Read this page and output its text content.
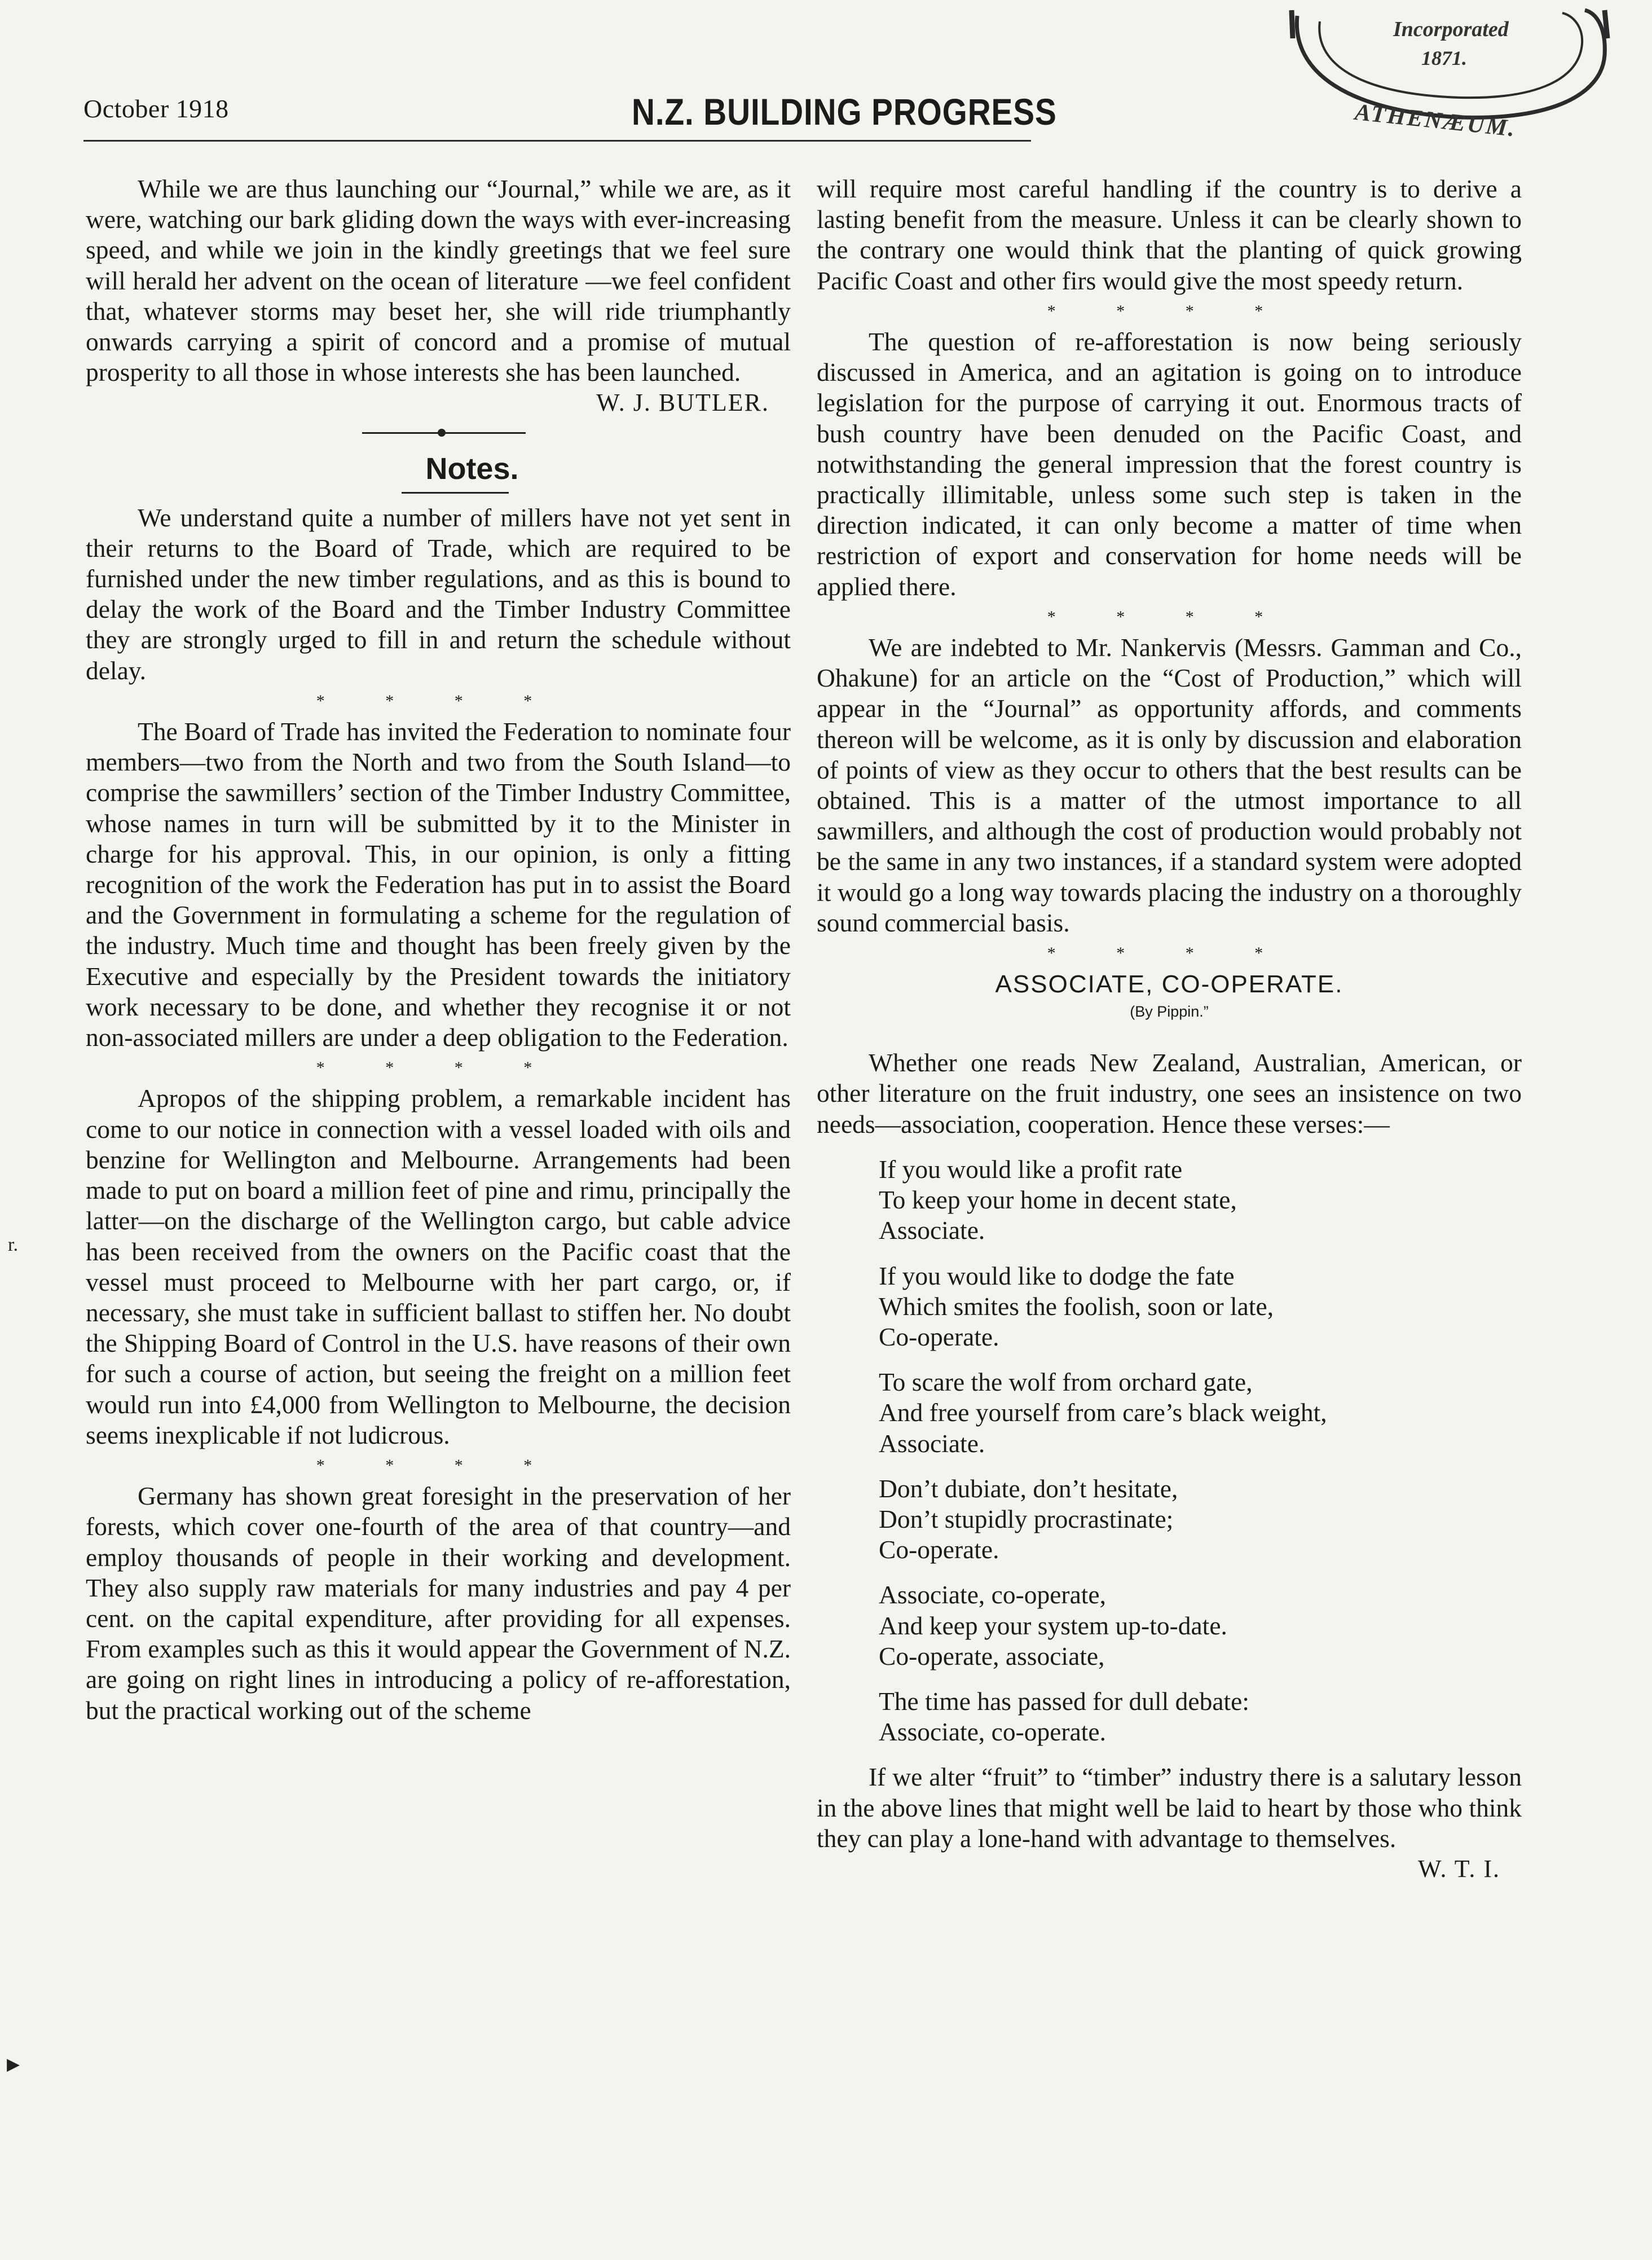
October 1918	N.Z. BUILDING PROGRESS
Incorporated
1871.
ATHENÆUM.
r.
▸

While we are thus launching our “Journal,” while we are, as it were, watching our bark gliding down the ways with ever-increasing speed, and while we join in the kindly greetings that we feel sure will herald her advent on the ocean of literature —we feel confident that, whatever storms may beset her, she will ride triumphantly onwards carrying a spirit of concord and a promise of mutual prosperity to all those in whose interests she has been launched.

W. J. BUTLER.
Notes.

We understand quite a number of millers have not yet sent in their returns to the Board of Trade, which are required to be furnished under the new timber regulations, and as this is bound to delay the work of the Board and the Timber Industry Committee they are strongly urged to fill in and return the schedule without delay.

* * * *

The Board of Trade has invited the Federation to nominate four members—two from the North and two from the South Island—to comprise the sawmillers’ section of the Timber Industry Committee, whose names in turn will be submitted by it to the Minister in charge for his approval. This, in our opinion, is only a fitting recognition of the work the Federation has put in to assist the Board and the Government in formulating a scheme for the regulation of the industry. Much time and thought has been freely given by the Executive and especially by the President towards the initiatory work necessary to be done, and whether they recognise it or not non-associated millers are under a deep obligation to the Federation.

* * * *

Apropos of the shipping problem, a remarkable incident has come to our notice in connection with a vessel loaded with oils and benzine for Wellington and Melbourne. Arrangements had been made to put on board a million feet of pine and rimu, principally the latter—on the discharge of the Wellington cargo, but cable advice has been received from the owners on the Pacific coast that the vessel must proceed to Melbourne with her part cargo, or, if necessary, she must take in sufficient ballast to stiffen her. No doubt the Shipping Board of Control in the U.S. have reasons of their own for such a course of action, but seeing the freight on a million feet would run into £4,000 from Wellington to Melbourne, the decision seems inexplicable if not ludicrous.

* * * *

Germany has shown great foresight in the preservation of her forests, which cover one-fourth of the area of that country—and employ thousands of people in their working and development. They also supply raw materials for many industries and pay 4 per cent. on the capital expenditure, after providing for all expenses. From examples such as this it would appear the Government of N.Z. are going on right lines in introducing a policy of re-afforestation, but the practical working out of the scheme

will require most careful handling if the country is to derive a lasting benefit from the measure. Unless it can be clearly shown to the contrary one would think that the planting of quick growing Pacific Coast and other firs would give the most speedy return.

* * * *

The question of re-afforestation is now being seriously discussed in America, and an agitation is going on to introduce legislation for the purpose of carrying it out. Enormous tracts of bush country have been denuded on the Pacific Coast, and notwithstanding the general impression that the forest country is practically illimitable, unless some such step is taken in the direction indicated, it can only become a matter of time when restriction of export and conservation for home needs will be applied there.

* * * *

We are indebted to Mr. Nankervis (Messrs. Gamman and Co., Ohakune) for an article on the “Cost of Production,” which will appear in the “Journal” as opportunity affords, and comments thereon will be welcome, as it is only by discussion and elaboration of points of view as they occur to others that the best results can be obtained. This is a matter of the utmost importance to all sawmillers, and although the cost of production would probably not be the same in any two instances, if a standard system were adopted it would go a long way towards placing the industry on a thoroughly sound commercial basis.

* * * *
ASSOCIATE, CO-OPERATE.
(By Pippin.”

Whether one reads New Zealand, Australian, American, or other literature on the fruit industry, one sees an insistence on two needs—association, cooperation. Hence these verses:—

If you would like a profit rate
To keep your home in decent state,
Associate.
If you would like to dodge the fate
Which smites the foolish, soon or late,
Co-operate.
To scare the wolf from orchard gate,
And free yourself from care’s black weight,
Associate.
Don’t dubiate, don’t hesitate,
Don’t stupidly procrastinate;
Co-operate.
Associate, co-operate,
And keep your system up-to-date.
Co-operate, associate,
The time has passed for dull debate:
Associate, co-operate.

If we alter “fruit” to “timber” industry there is a salutary lesson in the above lines that might well be laid to heart by those who think they can play a lone-hand with advantage to themselves.

W. T. I.
